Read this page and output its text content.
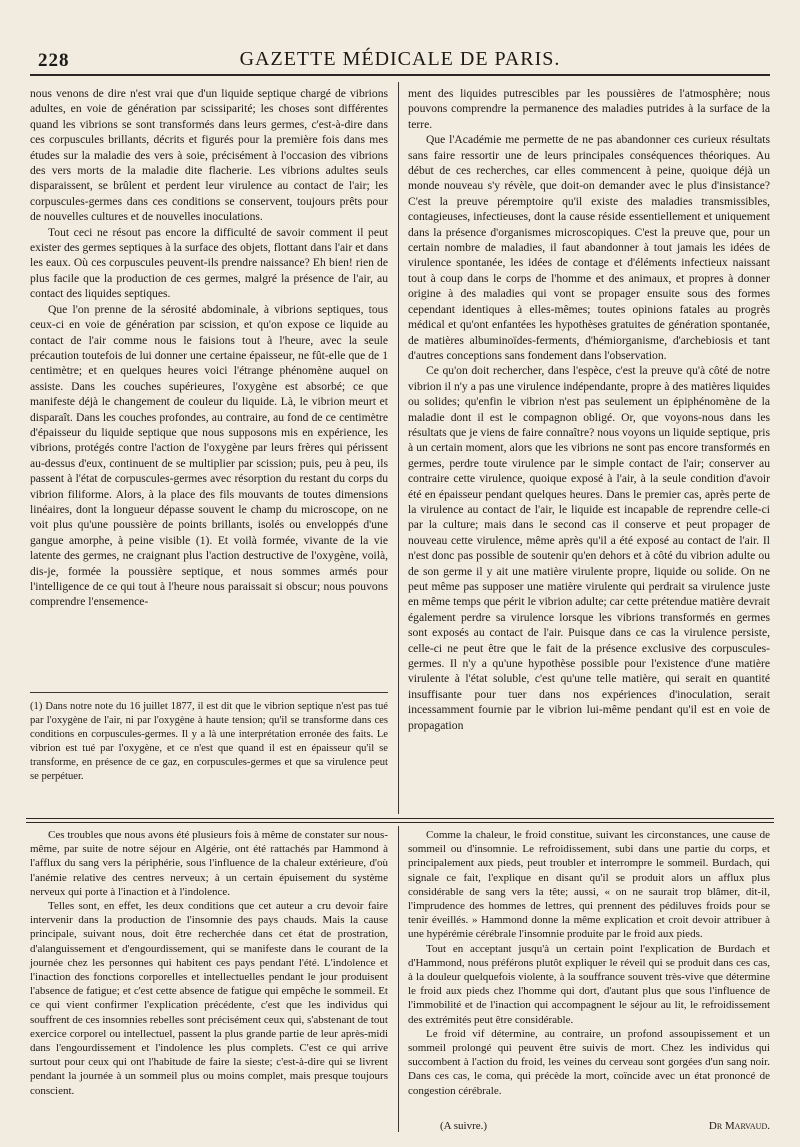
228	GAZETTE MÉDICALE DE PARIS.

nous venons de dire n'est vrai que d'un liquide septique chargé de vibrions adultes, en voie de génération par scissiparité; les choses sont différentes quand les vibrions se sont transformés dans leurs germes, c'est-à-dire dans ces corpuscules brillants, décrits et figurés pour la première fois dans mes études sur la maladie des vers à soie, précisément à l'occasion des vibrions des vers morts de la maladie dite flacherie. Les vibrions adultes seuls disparaissent, se brûlent et perdent leur virulence au contact de l'air; les corpuscules-germes dans ces conditions se conservent, toujours prêts pour de nouvelles cultures et de nouvelles inoculations.

Tout ceci ne résout pas encore la difficulté de savoir comment il peut exister des germes septiques à la surface des objets, flottant dans l'air et dans les eaux. Où ces corpuscules peuvent-ils prendre naissance? Eh bien! rien de plus facile que la production de ces germes, malgré la présence de l'air, au contact des liquides septiques.

Que l'on prenne de la sérosité abdominale, à vibrions septiques, tous ceux-ci en voie de génération par scission, et qu'on expose ce liquide au contact de l'air comme nous le faisions tout à l'heure, avec la seule précaution toutefois de lui donner une certaine épaisseur, ne fût-elle que de 1 centimètre; et en quelques heures voici l'étrange phénomène auquel on assiste. Dans les couches supérieures, l'oxygène est absorbé; ce que manifeste déjà le changement de couleur du liquide. Là, le vibrion meurt et disparaît. Dans les couches profondes, au contraire, au fond de ce centimètre d'épaisseur du liquide septique que nous supposons mis en expérience, les vibrions, protégés contre l'action de l'oxygène par leurs frères qui périssent au-dessus d'eux, continuent de se multiplier par scission; puis, peu à peu, ils passent à l'état de corpuscules-germes avec résorption du restant du corps du vibrion filiforme. Alors, à la place des fils mouvants de toutes dimensions linéaires, dont la longueur dépasse souvent le champ du microscope, on ne voit plus qu'une poussière de points brillants, isolés ou enveloppés d'une gangue amorphe, à peine visible (1). Et voilà formée, vivante de la vie latente des germes, ne craignant plus l'action destructive de l'oxygène, voilà, dis-je, formée la poussière septique, et nous sommes armés pour l'intelligence de ce qui tout à l'heure nous paraissait si obscur; nous pouvons comprendre l'ensemence-

(1) Dans notre note du 16 juillet 1877, il est dit que le vibrion septique n'est pas tué par l'oxygène de l'air, ni par l'oxygène à haute tension; qu'il se transforme dans ces conditions en corpuscules-germes. Il y a là une interprétation erronée des faits. Le vibrion est tué par l'oxygène, et ce n'est que quand il est en épaisseur qu'il se transforme, en présence de ce gaz, en corpuscules-germes et que sa virulence peut se perpétuer.

ment des liquides putrescibles par les poussières de l'atmosphère; nous pouvons comprendre la permanence des maladies putrides à la surface de la terre.

Que l'Académie me permette de ne pas abandonner ces curieux résultats sans faire ressortir une de leurs principales conséquences théoriques. Au début de ces recherches, car elles commencent à peine, quoique déjà un monde nouveau s'y révèle, que doit-on demander avec le plus d'insistance? C'est la preuve péremptoire qu'il existe des maladies transmissibles, contagieuses, infectieuses, dont la cause réside essentiellement et uniquement dans la présence d'organismes microscopiques. C'est la preuve que, pour un certain nombre de maladies, il faut abandonner à tout jamais les idées de virulence spontanée, les idées de contage et d'éléments infectieux naissant tout à coup dans le corps de l'homme et des animaux, et propres à donner origine à des maladies qui vont se propager ensuite sous des formes cependant identiques à elles-mêmes; toutes opinions fatales au progrès médical et qu'ont enfantées les hypothèses gratuites de génération spontanée, de matières albuminoïdes-ferments, d'hémiorganisme, d'archebiosis et tant d'autres conceptions sans fondement dans l'observation.

Ce qu'on doit rechercher, dans l'espèce, c'est la preuve qu'à côté de notre vibrion il n'y a pas une virulence indépendante, propre à des matières liquides ou solides; qu'enfin le vibrion n'est pas seulement un épiphénomène de la maladie dont il est le compagnon obligé. Or, que voyons-nous dans les résultats que je viens de faire connaître? nous voyons un liquide septique, pris à un certain moment, alors que les vibrions ne sont pas encore transformés en germes, perdre toute virulence par le simple contact de l'air; conserver au contraire cette virulence, quoique exposé à l'air, à la seule condition d'avoir été en épaisseur pendant quelques heures. Dans le premier cas, après perte de la virulence au contact de l'air, le liquide est incapable de reprendre celle-ci par la culture; mais dans le second cas il conserve et peut propager de nouveau cette virulence, même après qu'il a été exposé au contact de l'air. Il n'est donc pas possible de soutenir qu'en dehors et à côté du vibrion adulte ou de son germe il y ait une matière virulente propre, liquide ou solide. On ne peut même pas supposer une matière virulente qui perdrait sa virulence juste en même temps que périt le vibrion adulte; car cette prétendue matière devrait également perdre sa virulence lorsque les vibrions transformés en germes sont exposés au contact de l'air. Puisque dans ce cas la virulence persiste, celle-ci ne peut être que le fait de la présence exclusive des corpuscules-germes. Il n'y a qu'une hypothèse possible pour l'existence d'une matière virulente à l'état soluble, c'est qu'une telle matière, qui serait en quantité insuffisante pour tuer dans nos expériences d'inoculation, serait incessamment fournie par le vibrion lui-même pendant qu'il est en voie de propagation

Ces troubles que nous avons été plusieurs fois à même de constater sur nous-même, par suite de notre séjour en Algérie, ont été rattachés par Hammond à l'afflux du sang vers la périphérie, sous l'influence de la chaleur extérieure, d'où l'anémie relative des centres nerveux; à un certain épuisement du système nerveux qui porte à l'inaction et à l'indolence.

Telles sont, en effet, les deux conditions que cet auteur a cru devoir faire intervenir dans la production de l'insomnie des pays chauds. Mais la cause principale, suivant nous, doit être recherchée dans cet état de prostration, d'alanguissement et d'engourdissement, qui se manifeste dans le courant de la journée chez les personnes qui habitent ces pays pendant l'été. L'indolence et l'inaction des fonctions corporelles et intellectuelles pendant le jour produisent l'absence de fatigue; et c'est cette absence de fatigue qui empêche le sommeil. Et ce qui vient confirmer l'explication précédente, c'est que les individus qui souffrent de ces insomnies rebelles sont précisément ceux qui, s'abstenant de tout exercice corporel ou intellectuel, passent la plus grande partie de leur après-midi dans l'engourdissement et l'indolence les plus complets. C'est ce qui arrive surtout pour ceux qui ont l'habitude de faire la sieste; c'est-à-dire qui se livrent pendant la journée à un sommeil plus ou moins complet, mais presque toujours conscient.

Comme la chaleur, le froid constitue, suivant les circonstances, une cause de sommeil ou d'insomnie. Le refroidissement, subi dans une partie du corps, et principalement aux pieds, peut troubler et interrompre le sommeil. Burdach, qui signale ce fait, l'explique en disant qu'il se produit alors un afflux plus considérable de sang vers la tête; aussi, « on ne saurait trop blâmer, dit-il, l'imprudence des hommes de lettres, qui prennent des pédiluves froids pour se tenir éveillés. » Hammond donne la même explication et croit devoir attribuer à une hypérémie cérébrale l'insomnie produite par le froid aux pieds.

Tout en acceptant jusqu'à un certain point l'explication de Burdach et d'Hammond, nous préférons plutôt expliquer le réveil qui se produit dans ces cas, à la douleur quelquefois violente, à la souffrance souvent très-vive que détermine le froid aux pieds chez l'homme qui dort, d'autant plus que sous l'influence de l'immobilité et de l'inaction qui accompagnent le séjour au lit, le refroidissement des extrémités peut être considérable.

Le froid vif détermine, au contraire, un profond assoupissement et un sommeil prolongé qui peuvent être suivis de mort. Chez les individus qui succombent à l'action du froid, les veines du cerveau sont gorgées d'un sang noir. Dans ces cas, le coma, qui précède la mort, coïncide avec un état prononcé de congestion cérébrale.

(A suivre.)	Dr Marvaud.
